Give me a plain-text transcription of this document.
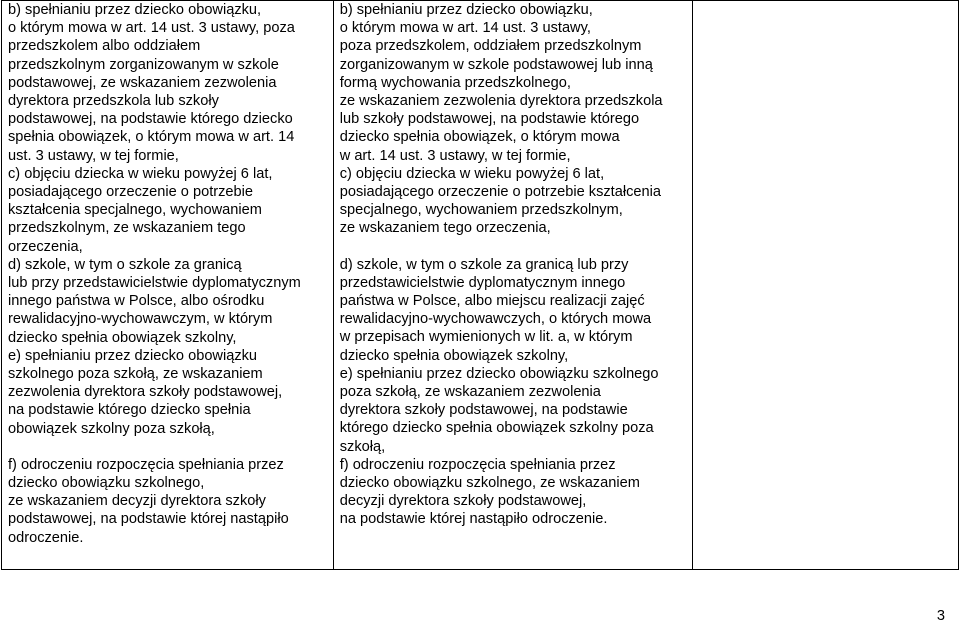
b) spełnianiu przez dziecko obowiązku,
o którym mowa w art. 14 ust. 3 ustawy, poza
przedszkolem albo oddziałem
przedszkolnym zorganizowanym w szkole
podstawowej, ze wskazaniem zezwolenia
dyrektora przedszkola lub szkoły
podstawowej, na podstawie którego dziecko
spełnia obowiązek, o którym mowa w art. 14
ust. 3 ustawy, w tej formie,
c) objęciu dziecka w wieku powyżej 6 lat,
posiadającego orzeczenie o potrzebie
kształcenia specjalnego, wychowaniem
przedszkolnym, ze wskazaniem tego
orzeczenia,
d) szkole, w tym o szkole za granicą
lub przy przedstawicielstwie dyplomatycznym
innego państwa w Polsce, albo ośrodku
rewalidacyjno-wychowawczym, w którym
dziecko spełnia obowiązek szkolny,
e) spełnianiu przez dziecko obowiązku
szkolnego poza szkołą, ze wskazaniem
zezwolenia dyrektora szkoły podstawowej,
na podstawie którego dziecko spełnia
obowiązek szkolny poza szkołą,
f) odroczeniu rozpoczęcia spełniania przez
dziecko obowiązku szkolnego,
ze wskazaniem decyzji dyrektora szkoły
podstawowej, na podstawie której nastąpiło
odroczenie.

b) spełnianiu przez dziecko obowiązku,
o którym mowa w art. 14 ust. 3 ustawy,
poza przedszkolem, oddziałem przedszkolnym
zorganizowanym w szkole podstawowej lub inną
formą wychowania przedszkolnego,
ze wskazaniem zezwolenia dyrektora przedszkola
lub szkoły podstawowej, na podstawie którego
dziecko spełnia obowiązek, o którym mowa
w art. 14 ust. 3 ustawy, w tej formie,
c) objęciu dziecka w wieku powyżej 6 lat,
posiadającego orzeczenie o potrzebie kształcenia
specjalnego, wychowaniem przedszkolnym,
ze wskazaniem tego orzeczenia,
d) szkole, w tym o szkole za granicą lub przy
przedstawicielstwie dyplomatycznym innego
państwa w Polsce, albo miejscu realizacji zajęć
rewalidacyjno-wychowawczych, o których mowa
w przepisach wymienionych w lit. a, w którym
dziecko spełnia obowiązek szkolny,
e) spełnianiu przez dziecko obowiązku szkolnego
poza szkołą, ze wskazaniem zezwolenia
dyrektora szkoły podstawowej, na podstawie
którego dziecko spełnia obowiązek szkolny poza
szkołą,
f) odroczeniu rozpoczęcia spełniania przez
dziecko obowiązku szkolnego, ze wskazaniem
decyzji dyrektora szkoły podstawowej,
na podstawie której nastąpiło odroczenie.

3
